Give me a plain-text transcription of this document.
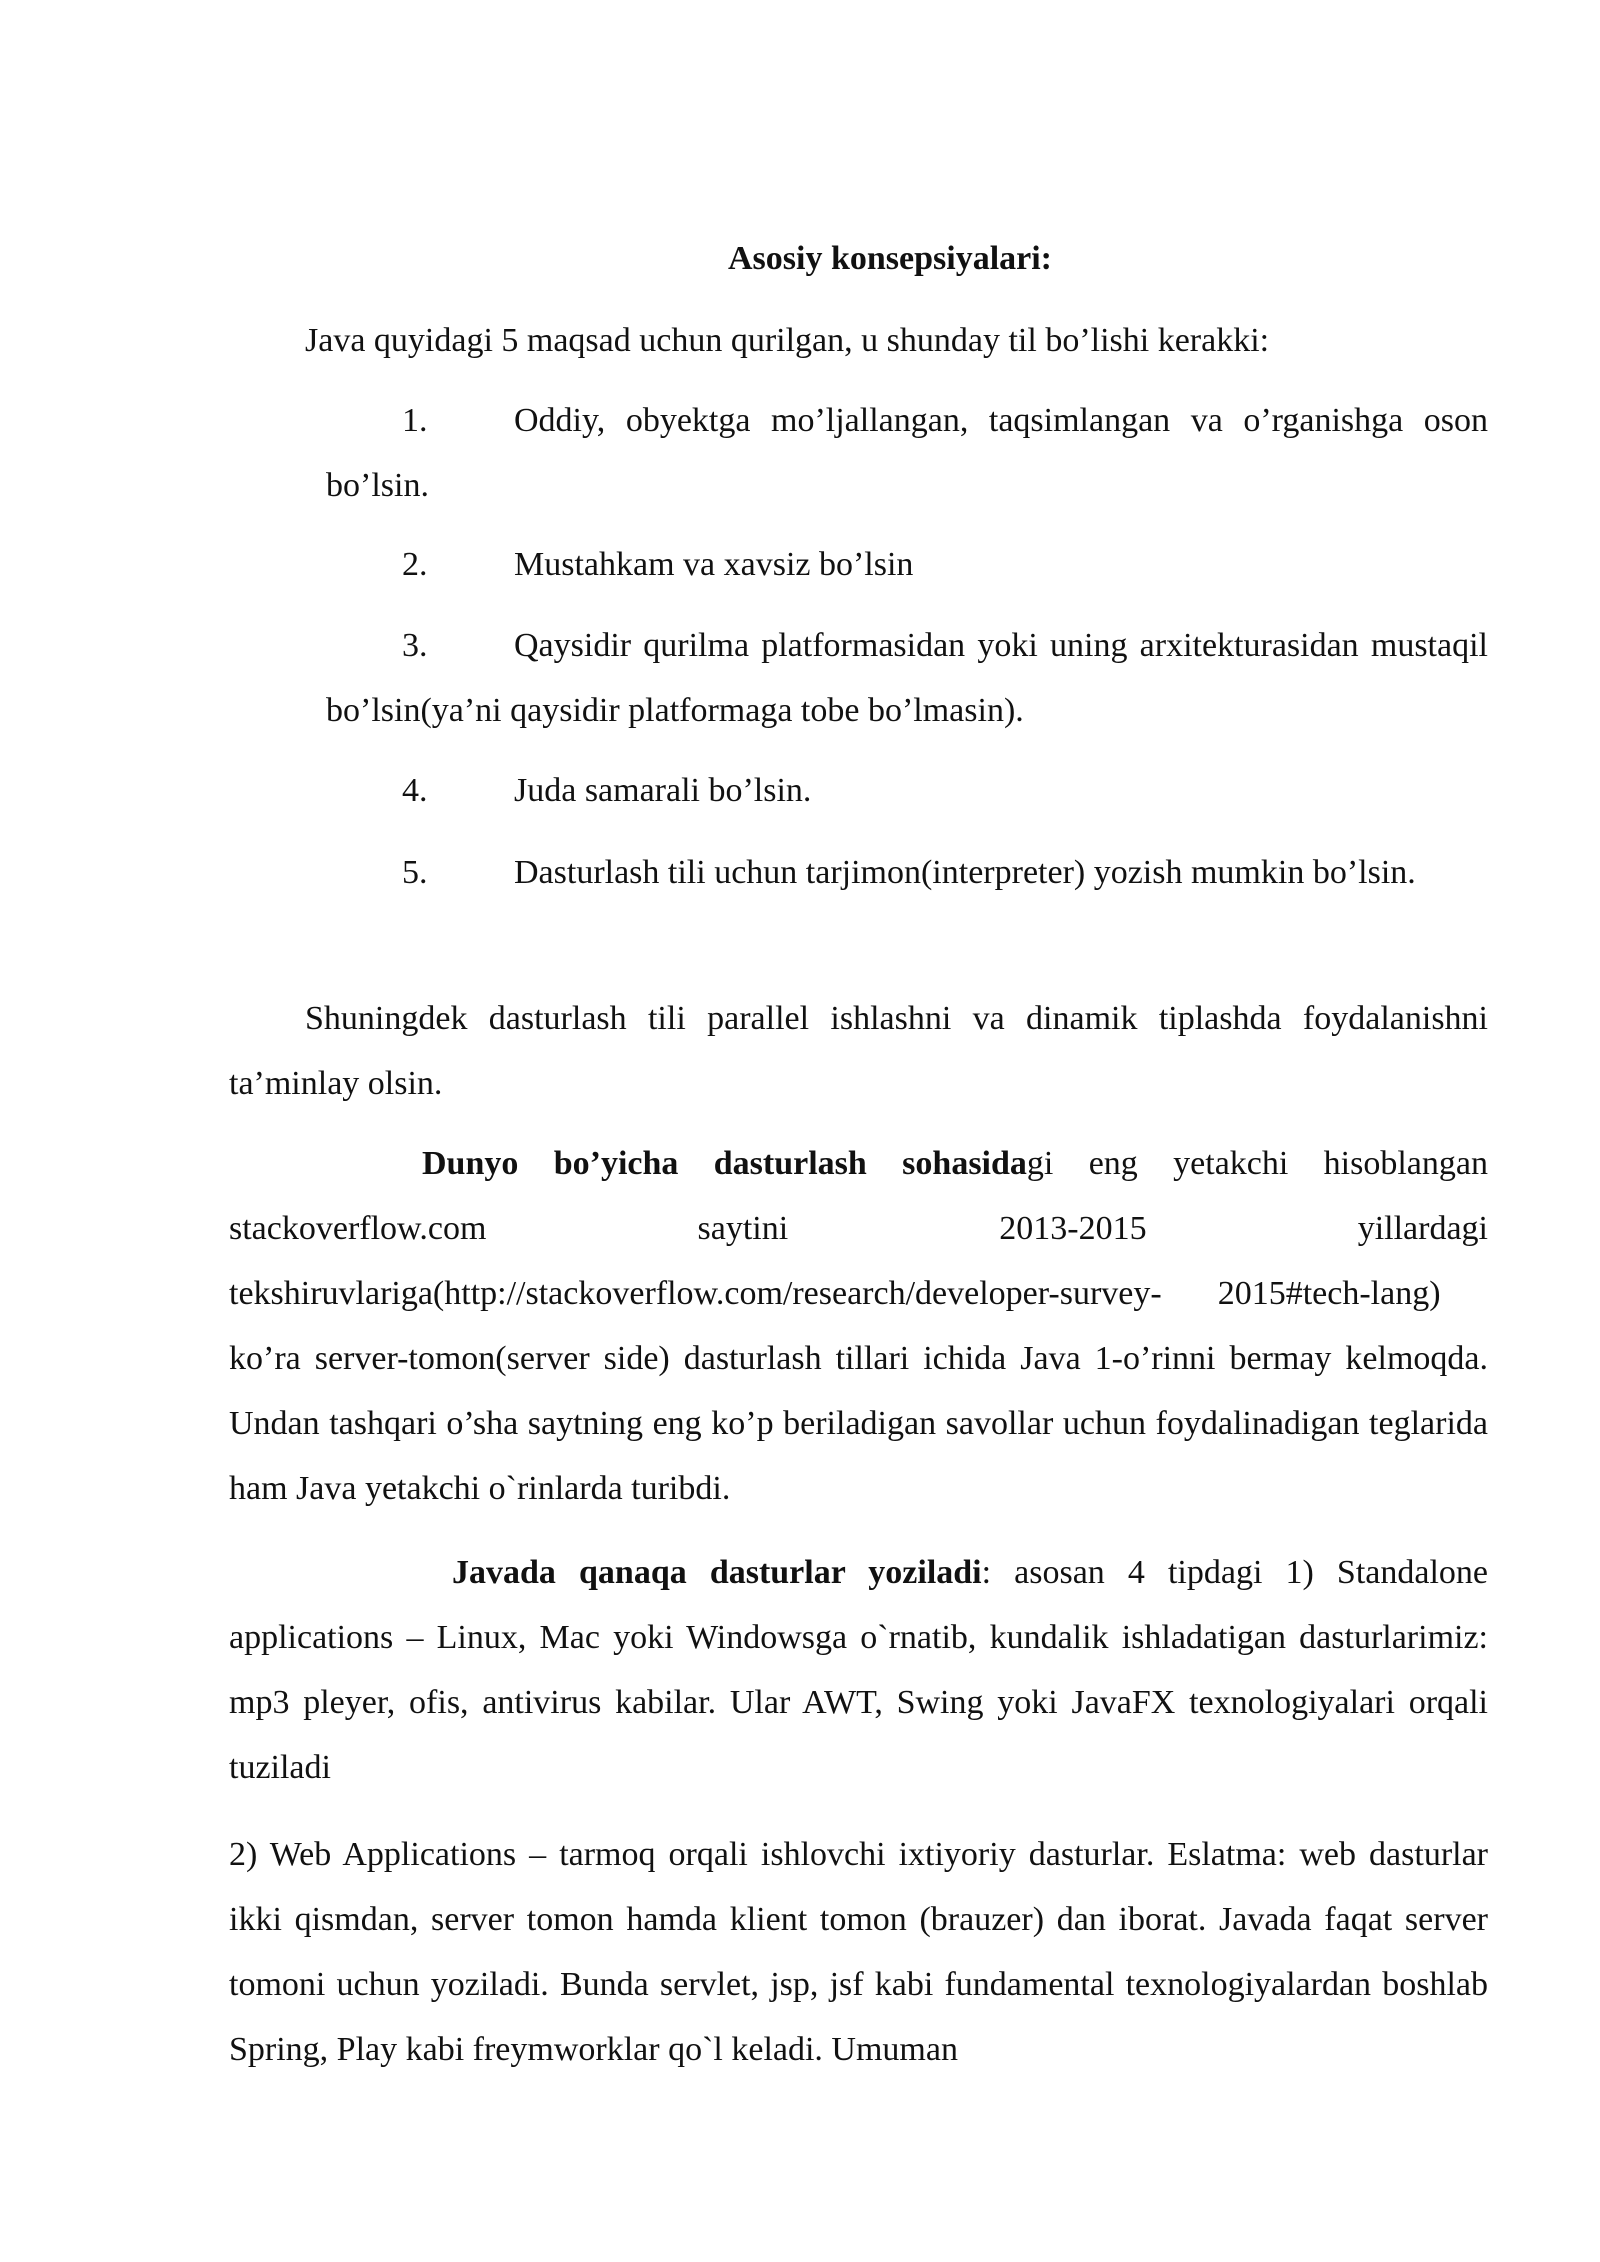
Asosiy konsepsiyalari:

Java quyidagi 5 maqsad uchun qurilgan, u shunday til bo’lishi kerakki:

1.	Oddiy, obyektga mo’ljallangan, taqsimlangan va o’rganishga oson bo’lsin.

2.	Mustahkam va xavsiz bo’lsin

3.	Qaysidir qurilma platformasidan yoki uning arxitekturasidan mustaqil bo’lsin(ya’ni qaysidir platformaga tobe bo’lmasin).

4.	Juda samarali bo’lsin.

5.	Dasturlash tili uchun tarjimon(interpreter) yozish mumkin bo’lsin.

Shuningdek dasturlash tili parallel ishlashni va dinamik tiplashda foydalanishni ta’minlay olsin.

Dunyo bo’yicha dasturlash sohasidagi eng yetakchi hisoblangan stackoverflow.com saytini 2013-2015 yillardagi tekshiruvlariga(http://stackoverflow.com/research/developer-survey- 2015#tech-lang) ko’ra server-tomon(server side) dasturlash tillari ichida Java 1-o’rinni bermay kelmoqda. Undan tashqari o’sha saytning eng ko’p beriladigan savollar uchun foydalinadigan teglarida ham Java yetakchi o`rinlarda turibdi.

Javada qanaqa dasturlar yoziladi: asosan 4 tipdagi 1) Standalone applications – Linux, Mac yoki Windowsga o`rnatib, kundalik ishladatigan dasturlarimiz: mp3 pleyer, ofis, antivirus kabilar. Ular AWT, Swing yoki JavaFX texnologiyalari orqali tuziladi

2) Web Applications – tarmoq orqali ishlovchi ixtiyoriy dasturlar. Eslatma: web dasturlar ikki qismdan, server tomon hamda klient tomon (brauzer) dan iborat. Javada faqat server tomoni uchun yoziladi. Bunda servlet, jsp, jsf kabi fundamental texnologiyalardan boshlab Spring, Play kabi freymworklar qo`l keladi. Umuman
